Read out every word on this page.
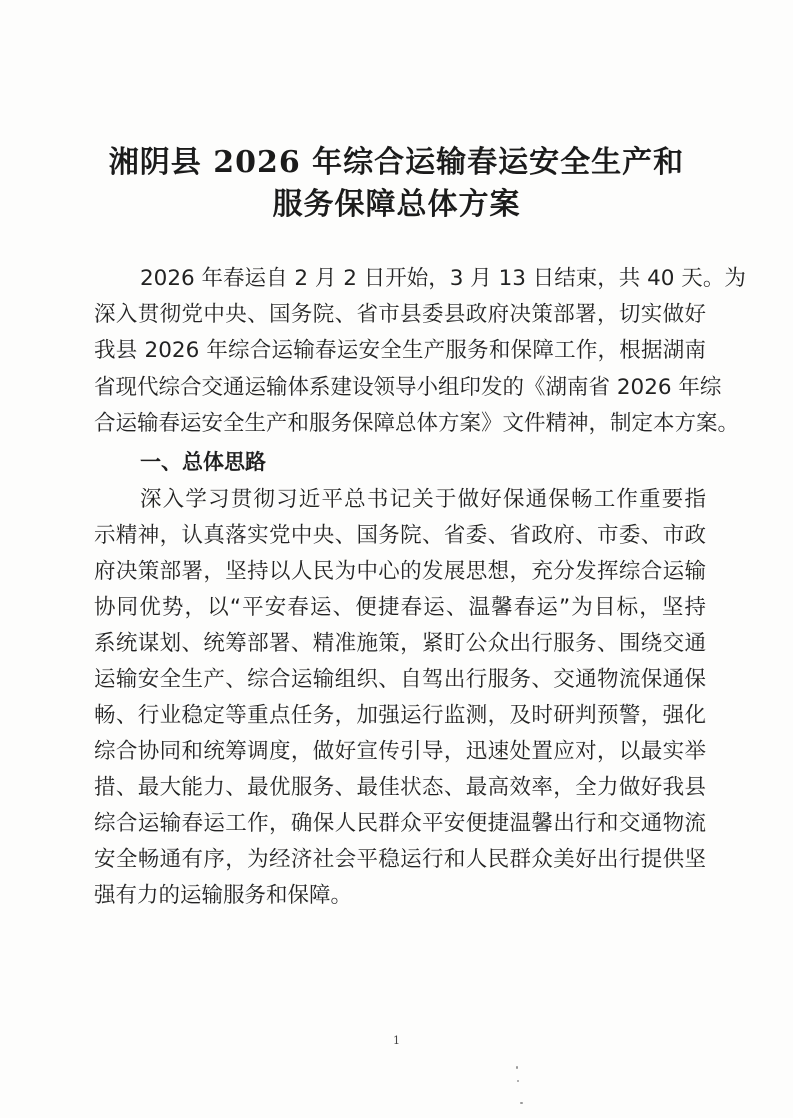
湘阴县 2026 年综合运输春运安全生产和
服务保障总体方案
2026 年春运自 2 月 2 日开始，3 月 13 日结束，共 40 天。为
深入贯彻党中央、国务院、省市县委县政府决策部署，切实做好
我县 2026 年综合运输春运安全生产服务和保障工作，根据湖南
省现代综合交通运输体系建设领导小组印发的《湖南省 2026 年综
合运输春运安全生产和服务保障总体方案》文件精神，制定本方案。
一、总体思路
深入学习贯彻习近平总书记关于做好保通保畅工作重要指
示精神，认真落实党中央、国务院、省委、省政府、市委、市政
府决策部署，坚持以人民为中心的发展思想，充分发挥综合运输
协同优势，以“平安春运、便捷春运、温馨春运”为目标，坚持
系统谋划、统筹部署、精准施策，紧盯公众出行服务、围绕交通
运输安全生产、综合运输组织、自驾出行服务、交通物流保通保
畅、行业稳定等重点任务，加强运行监测，及时研判预警，强化
综合协同和统筹调度，做好宣传引导，迅速处置应对，以最实举
措、最大能力、最优服务、最佳状态、最高效率，全力做好我县
综合运输春运工作，确保人民群众平安便捷温馨出行和交通物流
安全畅通有序，为经济社会平稳运行和人民群众美好出行提供坚
强有力的运输服务和保障。
1
